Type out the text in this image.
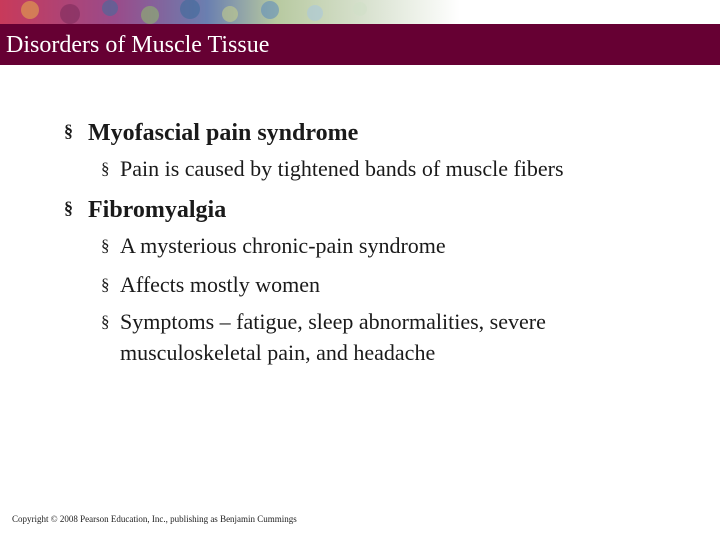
Disorders of Muscle Tissue
§ Myofascial pain syndrome
§ Pain is caused by tightened bands of muscle fibers
§ Fibromyalgia
§ A mysterious chronic-pain syndrome
§ Affects mostly women
§ Symptoms – fatigue, sleep abnormalities, severe musculoskeletal pain, and headache
Copyright © 2008 Pearson Education, Inc., publishing as Benjamin Cummings
